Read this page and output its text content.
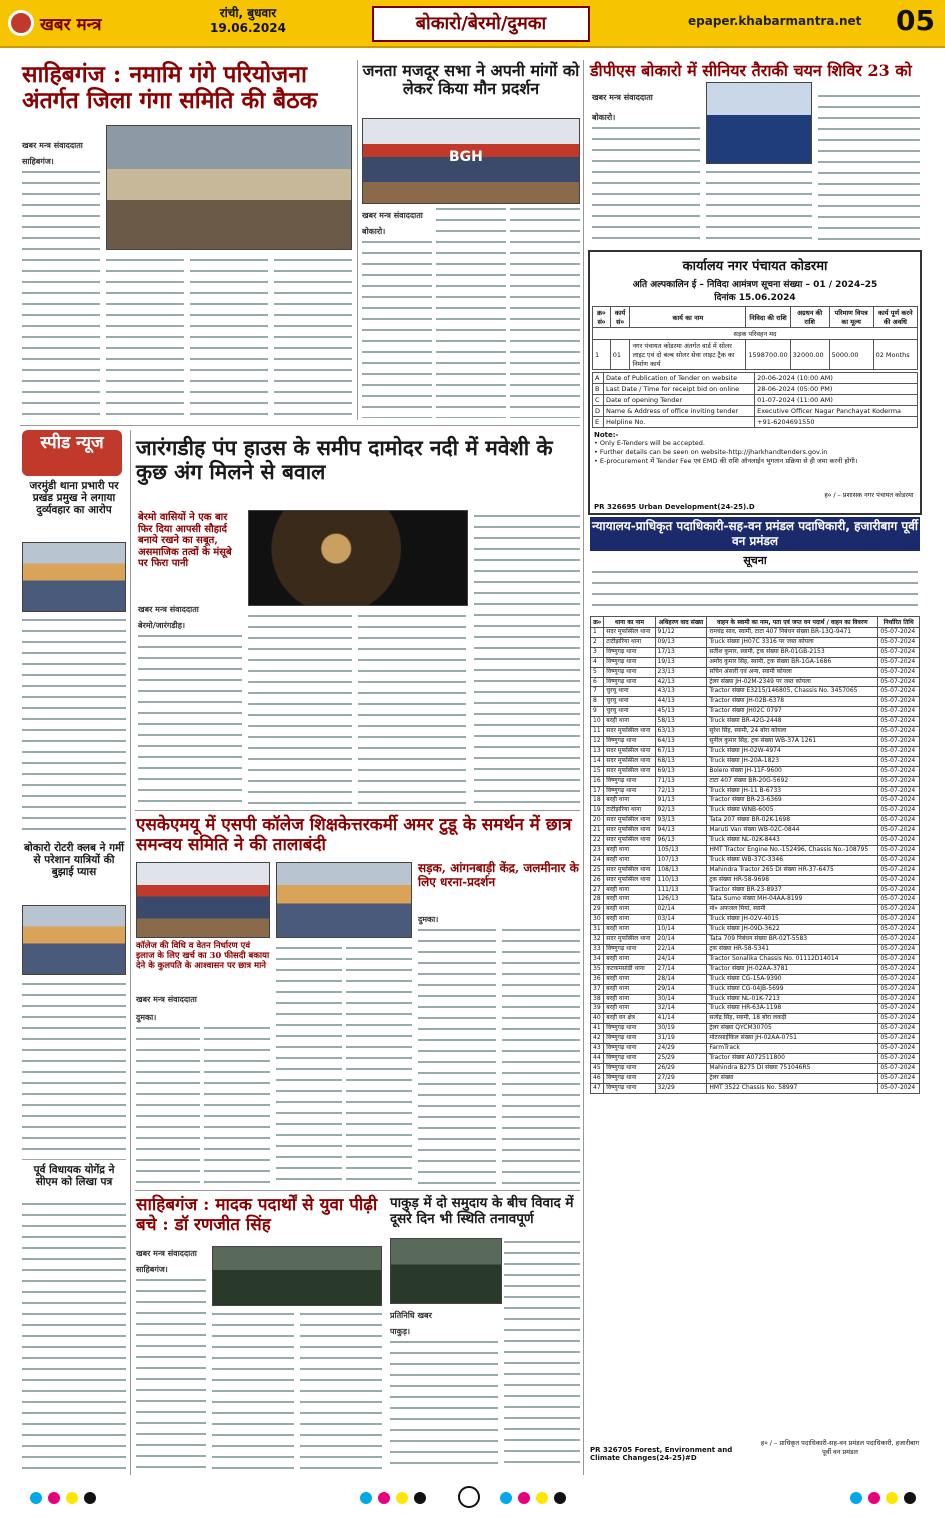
खबर मन्त्र
रांची, बुधवार
19.06.2024	बोकारो/बेरमो/दुमका	epaper.khabarmantra.net 05
साहिबगंज : नमामि गंगे परियोजना अंतर्गत जिला गंगा समिति की बैठक
खबर मन्त्र संवाददाता
साहिबगंज।
जनता मजदूर सभा ने अपनी मांगों को लेकर किया मौन प्रदर्शन
BGH
खबर मन्त्र संवाददाता
बोकारो।
डीपीएस बोकारो में सीनियर तैराकी चयन शिविर 23 को
खबर मन्त्र संवाददाता
बोकारो।
कार्यालय नगर पंचायत कोडरमा
अति अल्पकालिन ई – निविदा आमंत्रण सूचना संख्या – 01 / 2024–25
दिनांक 15.06.2024
क्र० सं०	कार्य सं०	कार्य का नाम	निविदा की राशि	अग्रधन की राशि	परिमाण विपत्र का मूल्य	कार्य पूर्ण करने की अवधि
सड़क परिवहन मद						
1	01	नगर पंचायत कोडरमा अंतर्गत वार्ड में सोलर लाइट एवं दो बल्ब सोलर सेवा लाइट ट्रैक का निर्माण कार्य	1598700.00	32000.00	5000.00	02 Months
A	Date of Publication of Tender on website	20-06-2024 (10:00 AM)
B	Last Date / Time for receipt bid on online	28-06-2024 (05:00 PM)
C	Date of opening Tender	01-07-2024 (11:00 AM)
D	Name & Address of office inviting tender	Executive Officer Nagar Panchayat Koderma
E	Helpline No.	+91-6204691550
Note:-
• Only E-Tenders will be accepted.
• Further details can be seen on website-http://jharkhandtenders.gov.in
• E-procurement में Tender Fee एवं EMD की राशि ऑनलाईन भुगतान प्रक्रिया से ही जमा करनी होगी।
ह० / – प्रशासक नगर पंचायत कोडरमा
PR 326695 Urban Development(24-25).D
स्पीड न्यूज
जरमुंडी थाना प्रभारी पर प्रखंड प्रमुख ने लगाया दुर्व्यवहार का आरोप
बोकारो रोटरी क्लब ने गर्मी से परेशान यात्रियों की बुझाई प्यास
पूर्व विधायक योगेंद्र ने सीएम को लिखा पत्र
जारंगडीह पंप हाउस के समीप दामोदर नदी में मवेशी के कुछ अंग मिलने से बवाल
बेरमो वासियों ने एक बार फिर दिया आपसी सौहार्द बनाये रखने का सबूत, असमाजिक तत्वों के मंसूबे पर फिरा पानी
खबर मन्त्र संवाददाता
बेरमो/जारंगडीह।
एसकेएमयू में एसपी कॉलेज शिक्षकेत्तरकर्मी अमर टुडू के समर्थन में छात्र समन्वय समिति ने की तालाबंदी
कॉलेज की विधि व वेतन निर्धारण एवं इलाज के लिए खर्च का 30 फीसदी बकाया देने के कुलपति के आश्वासन पर छात्र माने
खबर मन्त्र संवाददाता
दुमका।
सड़क, आंगनबाड़ी केंद्र, जलमीनार के लिए धरना-प्रदर्शन
दुमका।
साहिबगंज : मादक पदार्थों से युवा पीढ़ी बचे : डॉ रणजीत सिंह
खबर मन्त्र संवाददाता
साहिबगंज।
पाकुड़ में दो समुदाय के बीच विवाद में दूसरे दिन भी स्थिति तनावपूर्ण
प्रतिनिधि खबर
पाकुड़।
न्यायालय-प्राधिकृत पदाधिकारी-सह-वन प्रमंडल पदाधिकारी, हजारीबाग पूर्वी वन प्रमंडल
सूचना
क्र०	थाना का नाम	अधिहरण वाद संख्या	वाहन के स्वामी का नाम, पता एवं जप्त वन पदार्थ / वाहन का विवरण	निर्धारित तिथि
1	सदर मुफस्सिल थाना	91/12	रामचंद्र साव, स्वामी, टाटा 407 निबंधन संख्या BR-13Q-9471	05-07-2024
2	टाटीझरिया थाना	09/13	Truck संख्या JH07C 3316 पर जब्त कोयला	05-07-2024
3	विष्णुगढ़ थाना	17/13	सतीश कुमार, स्वामी, ट्रक संख्या BR-01GB-2153	05-07-2024
4	विष्णुगढ़ थाना	19/13	अमोद कुमार सिंह, स्वामी, ट्रक संख्या BR-1GA-1686	05-07-2024
5	विष्णुगढ़ थाना	23/13	सचिन अंसारी एवं अन्य, स्वामी कोयला	05-07-2024
6	विष्णुगढ़ थाना	42/13	ट्रेलर संख्या JH-02M-2349 पर जब्त कोयला	05-07-2024
7	चुरचु थाना	43/13	Tractor संख्या E3215/146805, Chassis No. 3457065	05-07-2024
8	चुरचु थाना	44/13	Tractor संख्या JH-02B-6378	05-07-2024
9	चुरचु थाना	45/13	Tractor संख्या JH02C 0797	05-07-2024
10	बरही थाना	58/13	Truck संख्या BR-42G-2448	05-07-2024
11	सदर मुफस्सिल थाना	63/13	सुरेश सिंह, स्वामी, 24 बोरा कोयला	05-07-2024
12	विष्णुगढ़ थाना	64/13	सुनील कुमार सिंह, ट्रक संख्या WB-37A 1261	05-07-2024
13	सदर मुफस्सिल थाना	67/13	Truck संख्या JH-02W-4974	05-07-2024
14	सदर मुफस्सिल थाना	68/13	Truck संख्या JH-20A-1823	05-07-2024
15	सदर मुफस्सिल थाना	69/13	Bolero संख्या JH-11F-9600	05-07-2024
16	विष्णुगढ़ थाना	71/13	टाटा 407 संख्या BR-20G-5692	05-07-2024
17	विष्णुगढ़ थाना	72/13	Truck संख्या JH-11 B-6733	05-07-2024
18	बरही थाना	91/13	Tractor संख्या BR-23-6369	05-07-2024
19	टाटीझरिया थाना	92/13	Truck संख्या WNB-6005	05-07-2024
20	सदर मुफस्सिल थाना	93/13	Tata 207 संख्या BR-02K-1698	05-07-2024
21	सदर मुफस्सिल थाना	94/13	Maruti Van संख्या WB-02C-0844	05-07-2024
22	सदर मुफस्सिल थाना	96/13	Truck संख्या NL-02K-8443	05-07-2024
23	बरही थाना	105/13	HMT Tractor Engine No.-152496, Chassis No.-108795	05-07-2024
24	बरही थाना	107/13	Truck संख्या WB-37C-3346	05-07-2024
25	सदर मुफस्सिल थाना	108/13	Mahindra Tractor 265 DI संख्या HR-37-6475	05-07-2024
26	सदर मुफस्सिल थाना	110/13	ट्रक संख्या HR-58-9698	05-07-2024
27	बरही थाना	111/13	Tractor संख्या BR-23-8937	05-07-2024
28	बरही थाना	126/13	Tata Sumo संख्या MH-04AA-8199	05-07-2024
29	बरही थाना	02/14	मो० अफजल मियां, स्वामी	05-07-2024
30	बरही थाना	03/14	Truck संख्या JH-02V-4015	05-07-2024
31	बरही थाना	10/14	Truck संख्या JH-09D-3622	05-07-2024
32	सदर मुफस्सिल थाना	20/14	Tata 709 निबंधन संख्या BR-02T-5583	05-07-2024
33	विष्णुगढ़ थाना	22/14	ट्रक संख्या HR-58-5341	05-07-2024
34	बरही थाना	24/14	Tractor Sonalika Chassis No. 01112D14014	05-07-2024
35	कटकमसांडी थाना	27/14	Tractor संख्या JH-02AA-3781	05-07-2024
36	बरही थाना	28/14	Truck संख्या CG-15A-9390	05-07-2024
37	बरही थाना	29/14	Truck संख्या CG-04JB-5699	05-07-2024
38	बरही थाना	30/14	Truck संख्या NL-01K-7213	05-07-2024
39	बरही थाना	32/14	Truck संख्या HR-63A-1198	05-07-2024
40	बरही वन क्षेत्र	41/14	सत्येंद्र सिंह, स्वामी, 18 बोरा लकड़ी	05-07-2024
41	विष्णुगढ़ थाना	30/19	ट्रेलर संख्या QYCM30705	05-07-2024
42	विष्णुगढ़ थाना	31/19	मोटरसाईकिल संख्या JH-02AA-0751	05-07-2024
43	विष्णुगढ़ थाना	24/29	FarmTrack	05-07-2024
44	विष्णुगढ़ थाना	25/29	Tractor संख्या A072511800	05-07-2024
45	विष्णुगढ़ थाना	26/29	Mahindra B275 DI संख्या 751046R5	05-07-2024
46	विष्णुगढ़ थाना	27/29	ट्रेलर संख्या	05-07-2024
47	विष्णुगढ़ थाना	32/29	HMT 3522 Chassis No. 58997	05-07-2024
ह० / – प्राधिकृत पदाधिकारी-सह-वन प्रमंडल पदाधिकारी, हजारीबाग पूर्वी वन प्रमंडल
PR 326705 Forest, Environment and Climate Changes(24-25)#D
